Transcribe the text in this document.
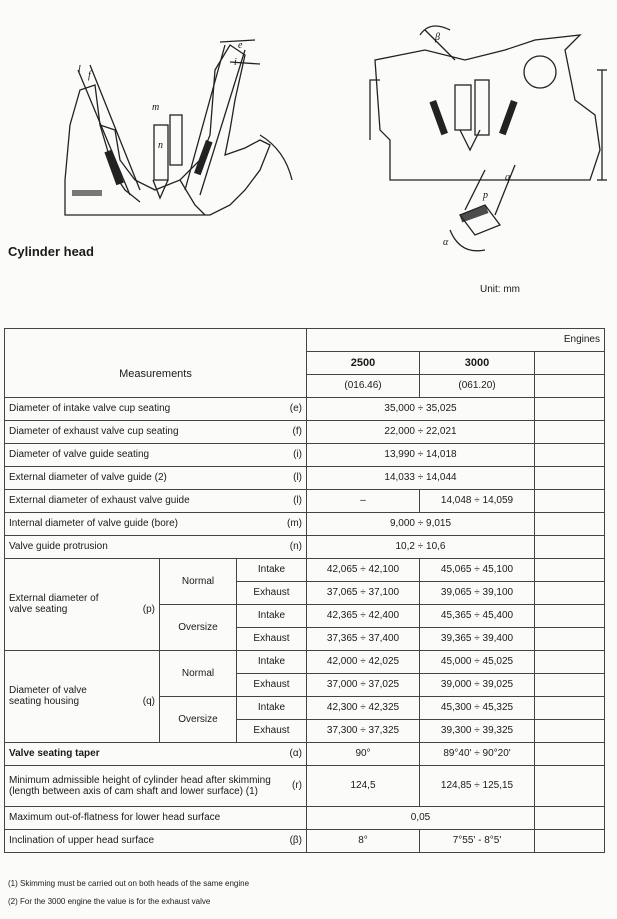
e
f
i
l
m
n
β
q
p
α
Cylinder head
Unit: mm
			Engines		
Measurements			2500	3000	
			(016.46)	(061.20)	
Diameter of intake valve cup seating (e)			35,000 ÷ 35,025		
Diameter of exhaust valve cup seating (f)			22,000 ÷ 22,021		
Diameter of valve guide seating (i)			13,990 ÷ 14,018		
External diameter of valve guide (2) (l)			14,033 ÷ 14,044		
External diameter of exhaust valve guide (l)			–	14,048 ÷ 14,059	
Internal diameter of valve guide (bore) (m)			9,000 ÷ 9,015		
Valve guide protrusion (n)			10,2 ÷ 10,6		

External diameter of valve seating (p)	Normal	Intake	42,065 ÷ 42,100	45,065 ÷ 45,100	
		Exhaust	37,065 ÷ 37,100	39,065 ÷ 39,100	
	Oversize	Intake	42,365 ÷ 42,400	45,365 ÷ 45,400	
		Exhaust	37,365 ÷ 37,400	39,365 ÷ 39,400	

Diameter of valve seating housing (q)	Normal	Intake	42,000 ÷ 42,025	45,000 ÷ 45,025	
		Exhaust	37,000 ÷ 37,025	39,000 ÷ 39,025	
	Oversize	Intake	42,300 ÷ 42,325	45,300 ÷ 45,325	
		Exhaust	37,300 ÷ 37,325	39,300 ÷ 39,325	
Valve seating taper (α)			90°	89°40' ÷ 90°20'	

Minimum admissible height of cylinder head after skimming (length between axis of cam shaft and lower surface) (1) (r)			124,5	124,85 ÷ 125,15	
Maximum out-of-flatness for lower head surface			0,05		
Inclination of upper head surface (β)			8°	7°55' - 8°5'	
(1) Skimming must be carried out on both heads of the same engine
(2) For the 3000 engine the value is for the exhaust valve
